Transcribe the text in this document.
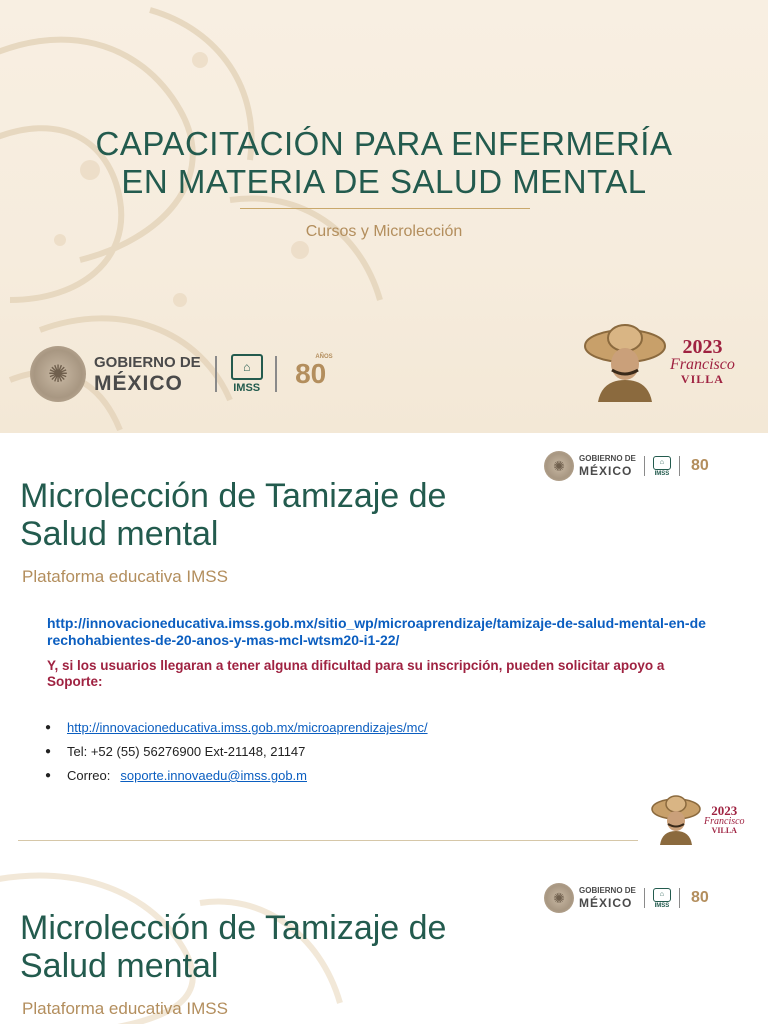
CAPACITACIÓN PARA ENFERMERÍA
EN MATERIA DE SALUD MENTAL
Cursos y Microlección
✺	GOBIERNO DE
MÉXICO
⌂
IMSS 80
AÑOS	2023
Francisco
VILLA
✺	GOBIERNO DE
MÉXICO
⌂
IMSS 80
Microlección de Tamizaje de
Salud mental
Plataforma educativa IMSS
http://innovacioneducativa.imss.gob.mx/sitio_wp/microaprendizaje/tamizaje-de-salud-mental-en-derechohabientes-de-20-anos-y-mas-mcl-wtsm20-i1-22/
Y, si los usuarios llegaran a tener alguna dificultad para su inscripción, pueden solicitar apoyo a Soporte:
●	http://innovacioneducativa.imss.gob.mx/microaprendizajes/mc/
●	Tel: +52 (55) 56276900 Ext-21148, 21147
●	Correo: soporte.innovaedu@imss.gob.m
2023
Francisco
VILLA
✺	GOBIERNO DE
MÉXICO
⌂
IMSS 80
Microlección de Tamizaje de
Salud mental
Plataforma educativa IMSS
